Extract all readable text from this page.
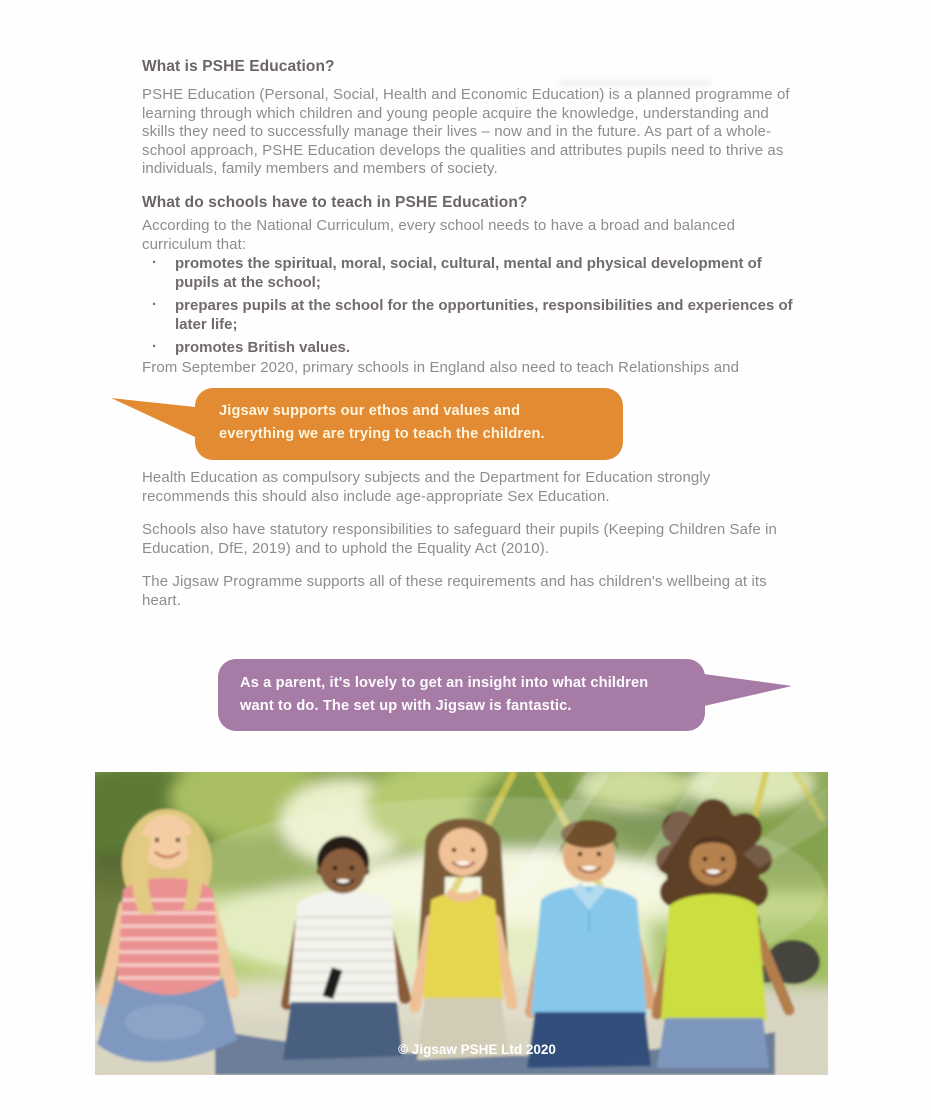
What is PSHE Education?
PSHE Education (Personal, Social, Health and Economic Education) is a planned programme of learning through which children and young people acquire the knowledge, understanding and skills they need to successfully manage their lives – now and in the future. As part of a whole-school approach, PSHE Education develops the qualities and attributes pupils need to thrive as individuals, family members and members of society.
What do schools have to teach in PSHE Education?
According to the National Curriculum, every school needs to have a broad and balanced curriculum that:
· promotes the spiritual, moral, social, cultural, mental and physical development of pupils at the school;
· prepares pupils at the school for the opportunities, responsibilities and experiences of later life;
· promotes British values.
From September 2020, primary schools in England also need to teach Relationships and
Jigsaw supports our ethos and values and
everything we are trying to teach the children.
Health Education as compulsory subjects and the Department for Education strongly recommends this should also include age-appropriate Sex Education.
Schools also have statutory responsibilities to safeguard their pupils (Keeping Children Safe in Education, DfE, 2019) and to uphold the Equality Act (2010).
The Jigsaw Programme supports all of these requirements and has children's wellbeing at its heart.
As a parent, it's lovely to get an insight into what children
want to do. The set up with Jigsaw is fantastic.
© Jigsaw PSHE Ltd 2020
